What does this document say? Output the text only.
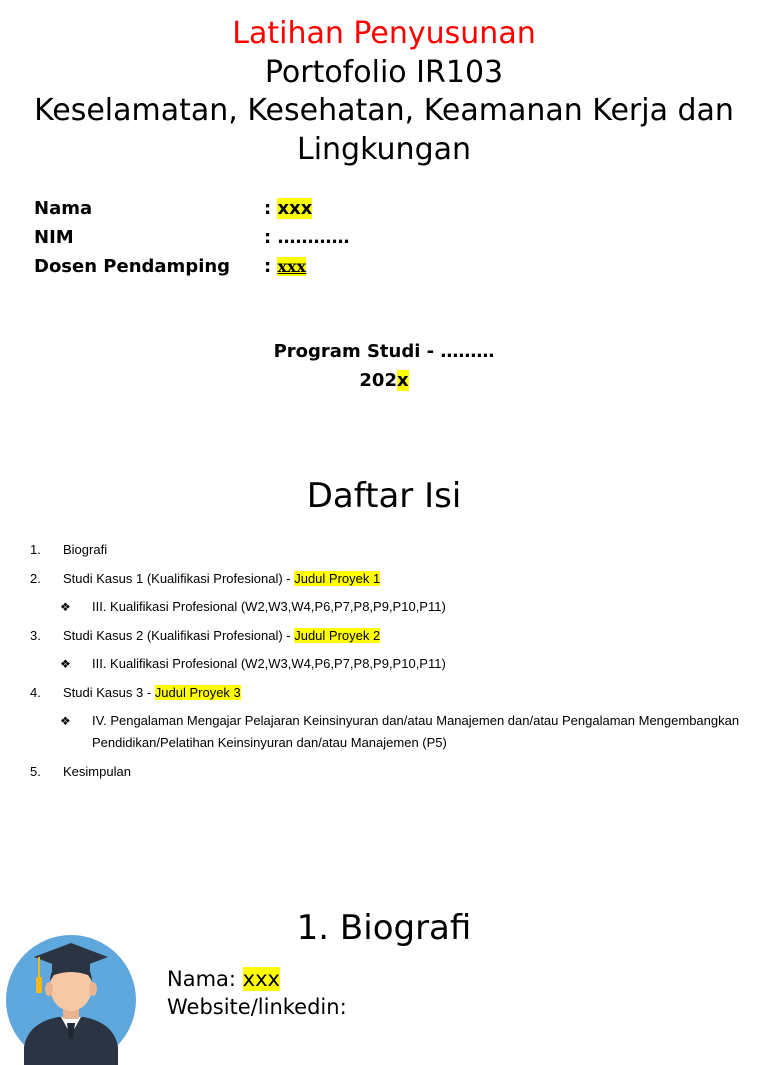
Latihan Penyusunan
Portofolio IR103
Keselamatan, Kesehatan, Keamanan Kerja dan
Lingkungan
Nama	: xxx
NIM	: …………
Dosen Pendamping : xxx
Program Studi - ………
202x
Daftar Isi
1. Biografi
2. Studi Kasus 1 (Kualifikasi Profesional) - Judul Proyek 1
❖ III. Kualifikasi Profesional (W2,W3,W4,P6,P7,P8,P9,P10,P11)
3. Studi Kasus 2 (Kualifikasi Profesional) - Judul Proyek 2
❖ III. Kualifikasi Profesional (W2,W3,W4,P6,P7,P8,P9,P10,P11)
4. Studi Kasus 3 - Judul Proyek 3
❖ IV. Pengalaman Mengajar Pelajaran Keinsinyuran dan/atau Manajemen dan/atau Pengalaman Mengembangkan
Pendidikan/Pelatihan Keinsinyuran dan/atau Manajemen (P5)
5. Kesimpulan
1. Biografi
Nama: xxx
Website/linkedin:
